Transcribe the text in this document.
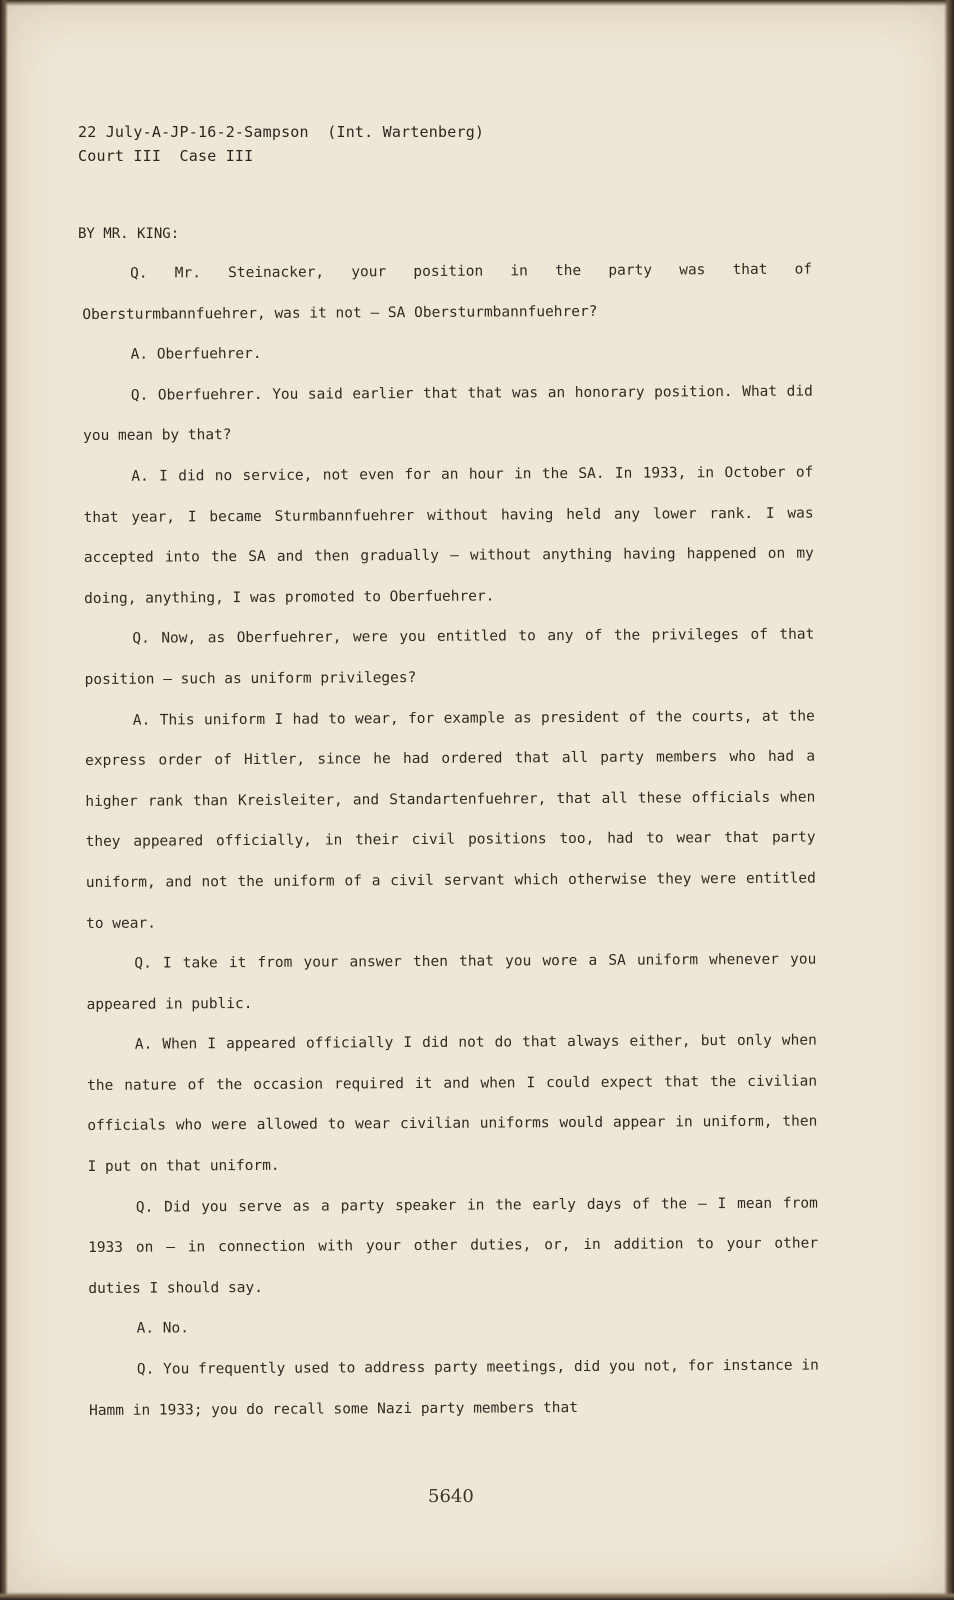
22 July-A-JP-16-2-Sampson  (Int. Wartenberg)
Court III  Case III
BY MR. KING:

Q. Mr. Steinacker, your position in the party was that of Obersturmbannfuehrer, was it not — SA Obersturmbannfuehrer?

A. Oberfuehrer.

Q. Oberfuehrer. You said earlier that that was an honorary position. What did you mean by that?

A. I did no service, not even for an hour in the SA. In 1933, in October of that year, I became Sturmbannfuehrer without having held any lower rank. I was accepted into the SA and then gradually — without anything having happened on my doing, anything, I was promoted to Oberfuehrer.

Q. Now, as Oberfuehrer, were you entitled to any of the privileges of that position — such as uniform privileges?

A. This uniform I had to wear, for example as president of the courts, at the express order of Hitler, since he had ordered that all party members who had a higher rank than Kreisleiter, and Standartenfuehrer, that all these officials when they appeared officially, in their civil positions too, had to wear that party uniform, and not the uniform of a civil servant which otherwise they were entitled to wear.

Q. I take it from your answer then that you wore a SA uniform whenever you appeared in public.

A. When I appeared officially I did not do that always either, but only when the nature of the occasion required it and when I could expect that the civilian officials who were allowed to wear civilian uniforms would appear in uniform, then I put on that uniform.

Q. Did you serve as a party speaker in the early days of the — I mean from 1933 on — in connection with your other duties, or, in addition to your other duties I should say.

A. No.

Q. You frequently used to address party meetings, did you not, for instance in Hamm in 1933; you do recall some Nazi party members that

5640
